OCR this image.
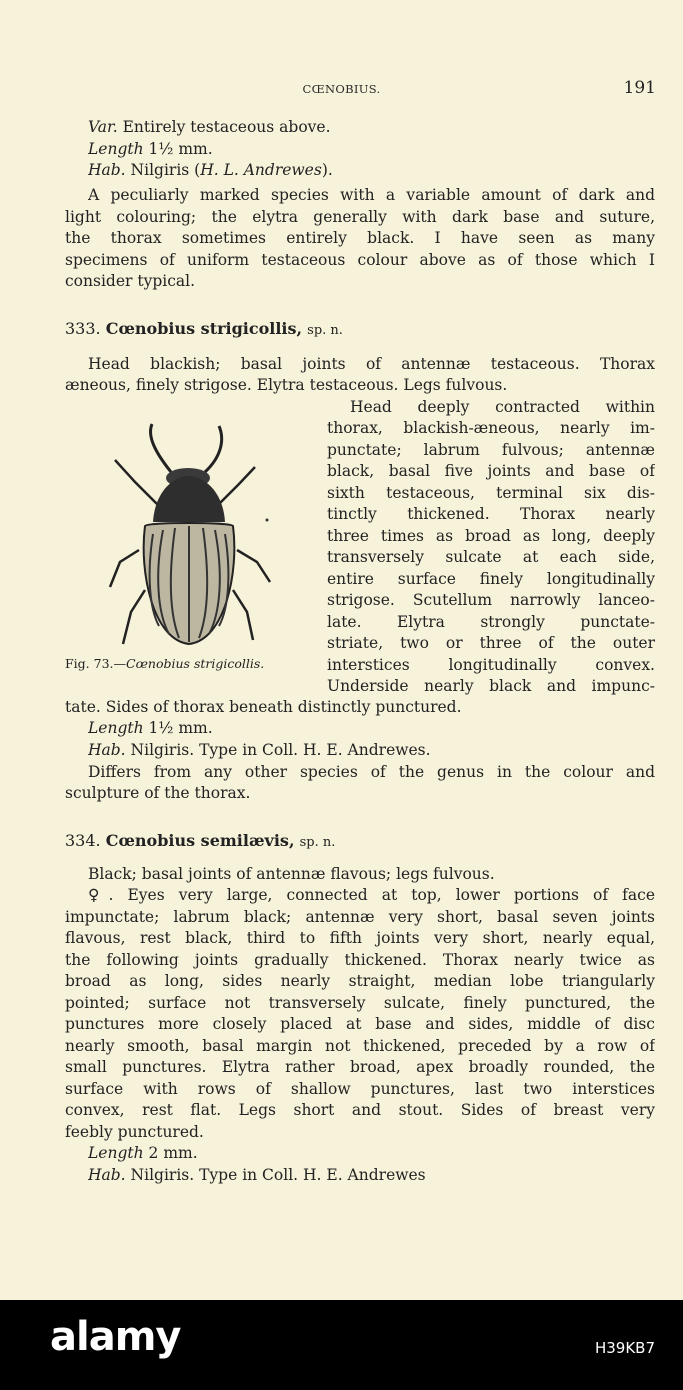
CŒNOBIUS.	191
Var. Entirely testaceous above.
Length 1½ mm.
Hab. Nilgiris (H. L. Andrewes).
A peculiarly marked species with a variable amount of dark and
light colouring; the elytra generally with dark base and suture,
the thorax sometimes entirely black. I have seen as many
specimens of uniform testaceous colour above as of those which I
consider typical.
333. Cœnobius strigicollis, sp. n.
Head blackish; basal joints of antennæ testaceous. Thorax
æneous, finely strigose. Elytra testaceous. Legs fulvous.
Head deeply contracted within
thorax, blackish-æneous, nearly im-
punctate; labrum fulvous; antennæ
black, basal five joints and base of
sixth testaceous, terminal six dis-
tinctly thickened. Thorax nearly
three times as broad as long, deeply
transversely sulcate at each side,
entire surface finely longitudinally
strigose. Scutellum narrowly lanceo-
late. Elytra strongly punctate-
striate, two or three of the outer
interstices longitudinally convex.
Underside nearly black and impunc-
Fig. 73.—Cœnobius strigicollis.
tate. Sides of thorax beneath distinctly punctured.
Length 1½ mm.
Hab. Nilgiris. Type in Coll. H. E. Andrewes.
Differs from any other species of the genus in the colour and
sculpture of the thorax.
334. Cœnobius semilævis, sp. n.
Black; basal joints of antennæ flavous; legs fulvous.
♀. Eyes very large, connected at top, lower portions of face
impunctate; labrum black; antennæ very short, basal seven joints
flavous, rest black, third to fifth joints very short, nearly equal,
the following joints gradually thickened. Thorax nearly twice as
broad as long, sides nearly straight, median lobe triangularly
pointed; surface not transversely sulcate, finely punctured, the
punctures more closely placed at base and sides, middle of disc
nearly smooth, basal margin not thickened, preceded by a row of
small punctures. Elytra rather broad, apex broadly rounded, the
surface with rows of shallow punctures, last two interstices
convex, rest flat. Legs short and stout. Sides of breast very
feebly punctured.
Length 2 mm.
Hab. Nilgiris. Type in Coll. H. E. Andrewes
alamy	H39KB7
